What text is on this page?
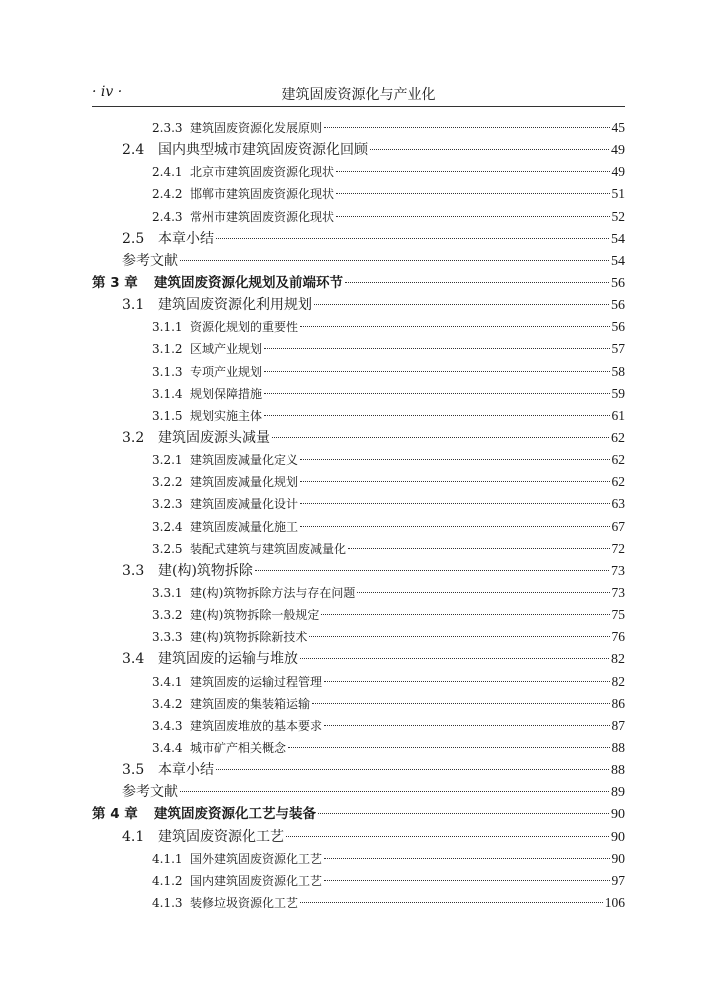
· iv ·	建筑固废资源化与产业化
2.3.3 建筑固废资源化发展原则	45
2.4 国内典型城市建筑固废资源化回顾	49
2.4.1 北京市建筑固废资源化现状	49
2.4.2 邯郸市建筑固废资源化现状	51
2.4.3 常州市建筑固废资源化现状	52
2.5 本章小结	54
参考文献	54
第 3 章	建筑固废资源化规划及前端环节	56
3.1 建筑固废资源化利用规划	56
3.1.1 资源化规划的重要性	56
3.1.2 区域产业规划	57
3.1.3 专项产业规划	58
3.1.4 规划保障措施	59
3.1.5 规划实施主体	61
3.2 建筑固废源头减量	62
3.2.1 建筑固废减量化定义	62
3.2.2 建筑固废减量化规划	62
3.2.3 建筑固废减量化设计	63
3.2.4 建筑固废减量化施工	67
3.2.5 装配式建筑与建筑固废减量化	72
3.3 建(构)筑物拆除	73
3.3.1 建(构)筑物拆除方法与存在问题	73
3.3.2 建(构)筑物拆除一般规定	75
3.3.3 建(构)筑物拆除新技术	76
3.4 建筑固废的运输与堆放	82
3.4.1 建筑固废的运输过程管理	82
3.4.2 建筑固废的集装箱运输	86
3.4.3 建筑固废堆放的基本要求	87
3.4.4 城市矿产相关概念	88
3.5 本章小结	88
参考文献	89
第 4 章	建筑固废资源化工艺与装备	90
4.1 建筑固废资源化工艺	90
4.1.1 国外建筑固废资源化工艺	90
4.1.2 国内建筑固废资源化工艺	97
4.1.3 装修垃圾资源化工艺	106
